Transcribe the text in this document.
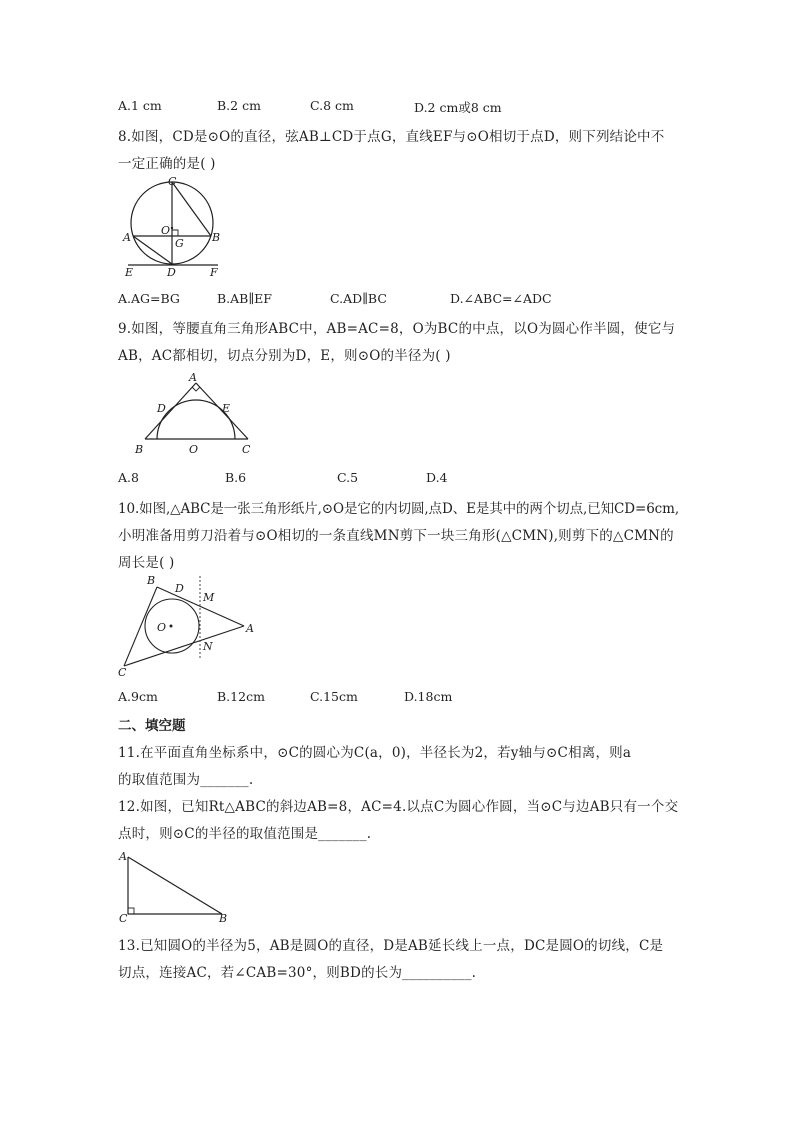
A.1 cm	B.2 cm	C.8 cm	D.2 cm或8 cm
8.如图，CD是⊙O的直径，弦AB⊥CD于点G，直线EF与⊙O相切于点D，则下列结论中不
一定正确的是( )
C
A	B
O
G
E	D	F
A.AG=BG	B.AB∥EF	C.AD∥BC	D.∠ABC=∠ADC
9.如图，等腰直角三角形ABC中，AB=AC=8，O为BC的中点，以O为圆心作半圆，使它与
AB，AC都相切，切点分别为D，E，则⊙O的半径为( )
A
D	E
B	O	C
A.8	B.6	C.5	D.4
10.如图,△ABC是一张三角形纸片,⊙O是它的内切圆,点D、E是其中的两个切点,已知CD=6cm,
小明准备用剪刀沿着与⊙O相切的一条直线MN剪下一块三角形(△CMN),则剪下的△CMN的
周长是( )
B
D
M
O	A
N
C
A.9cm	B.12cm	C.15cm	D.18cm
二、填空题
11.在平面直角坐标系中，⊙C的圆心为C(a，0)，半径长为2，若y轴与⊙C相离，则a
的取值范围为_______.
12.如图，已知Rt△ABC的斜边AB=8，AC=4.以点C为圆心作圆，当⊙C与边AB只有一个交
点时，则⊙C的半径的取值范围是_______.
A
C	B
13.已知圆O的半径为5，AB是圆O的直径，D是AB延长线上一点，DC是圆O的切线，C是
切点，连接AC，若∠CAB=30°，则BD的长为__________.
